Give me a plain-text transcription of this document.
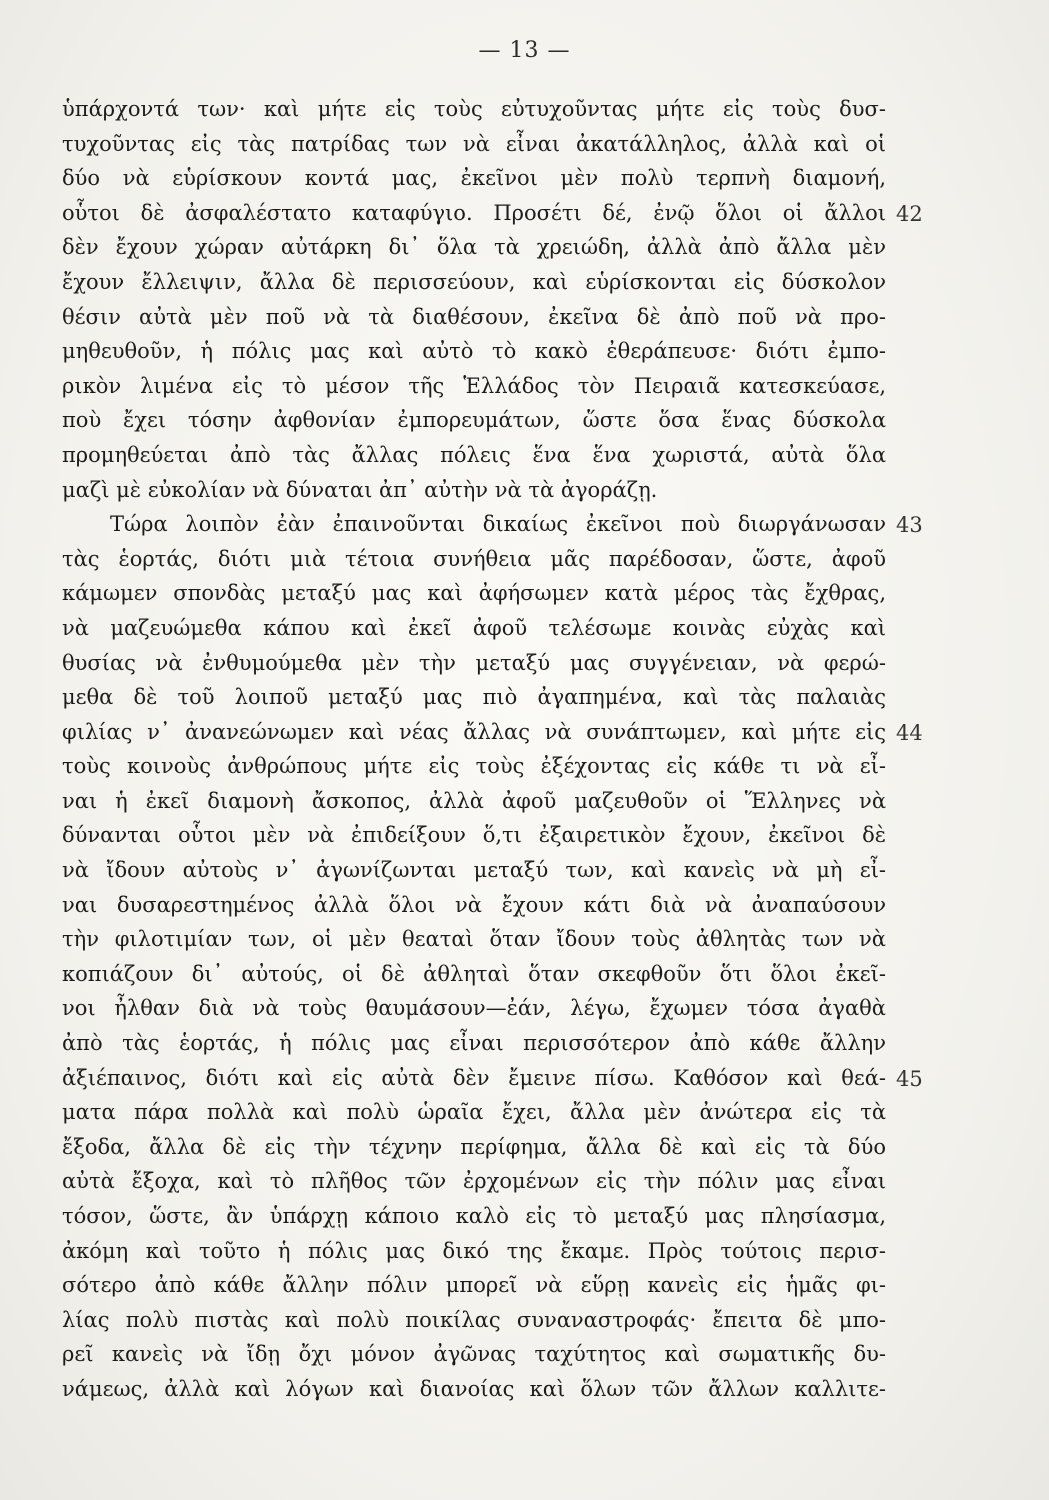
— 13 —
ὑπάρχοντά των· καὶ μήτε εἰς τοὺς εὐτυχοῦντας μήτε εἰς τοὺς δυσ-
τυχοῦντας εἰς τὰς πατρίδας των νὰ εἶναι ἀκατάλληλος, ἀλλὰ καὶ οἱ
δύο νὰ εὑρίσκουν κοντά μας, ἐκεῖνοι μὲν πολὺ τερπνὴ διαμονή,
οὗτοι δὲ ἀσφαλέστατο καταφύγιο. Προσέτι δέ, ἐνῷ ὅλοι οἱ ἄλλοι
δὲν ἔχουν χώραν αὐτάρκη δι᾽ ὅλα τὰ χρειώδη, ἀλλὰ ἀπὸ ἄλλα μὲν
ἔχουν ἔλλειψιν, ἄλλα δὲ περισσεύουν, καὶ εὑρίσκονται εἰς δύσκολον
θέσιν αὐτὰ μὲν ποῦ νὰ τὰ διαθέσουν, ἐκεῖνα δὲ ἀπὸ ποῦ νὰ προ-
μηθευθοῦν, ἡ πόλις μας καὶ αὐτὸ τὸ κακὸ ἐθεράπευσε· διότι ἐμπο-
ρικὸν λιμένα εἰς τὸ μέσον τῆς Ἑλλάδος τὸν Πειραιᾶ κατεσκεύασε,
ποὺ ἔχει τόσην ἀφθονίαν ἐμπορευμάτων, ὥστε ὅσα ἕνας δύσκολα
προμηθεύεται ἀπὸ τὰς ἄλλας πόλεις ἕνα ἕνα χωριστά, αὐτὰ ὅλα
μαζὶ μὲ εὐκολίαν νὰ δύναται ἀπ᾽ αὐτὴν νὰ τὰ ἀγοράζῃ.
Τώρα λοιπὸν ἐὰν ἐπαινοῦνται δικαίως ἐκεῖνοι ποὺ διωργάνωσαν
τὰς ἑορτάς, διότι μιὰ τέτοια συνήθεια μᾶς παρέδοσαν, ὥστε, ἀφοῦ
κάμωμεν σπονδὰς μεταξύ μας καὶ ἀφήσωμεν κατὰ μέρος τὰς ἔχθρας,
νὰ μαζευώμεθα κάπου καὶ ἐκεῖ ἀφοῦ τελέσωμε κοινὰς εὐχὰς καὶ
θυσίας νὰ ἐνθυμούμεθα μὲν τὴν μεταξύ μας συγγένειαν, νὰ φερώ-
μεθα δὲ τοῦ λοιποῦ μεταξύ μας πιὸ ἀγαπημένα, καὶ τὰς παλαιὰς
φιλίας ν᾽ ἀνανεώνωμεν καὶ νέας ἄλλας νὰ συνάπτωμεν, καὶ μήτε εἰς
τοὺς κοινοὺς ἀνθρώπους μήτε εἰς τοὺς ἐξέχοντας εἰς κάθε τι νὰ εἶ-
ναι ἡ ἐκεῖ διαμονὴ ἄσκοπος, ἀλλὰ ἀφοῦ μαζευθοῦν οἱ Ἕλληνες νὰ
δύνανται οὗτοι μὲν νὰ ἐπιδείξουν ὅ,τι ἐξαιρετικὸν ἔχουν, ἐκεῖνοι δὲ
νὰ ἴδουν αὐτοὺς ν᾽ ἀγωνίζωνται μεταξύ των, καὶ κανεὶς νὰ μὴ εἶ-
ναι δυσαρεστημένος ἀλλὰ ὅλοι νὰ ἔχουν κάτι διὰ νὰ ἀναπαύσουν
τὴν φιλοτιμίαν των, οἱ μὲν θεαταὶ ὅταν ἴδουν τοὺς ἀθλητὰς των νὰ
κοπιάζουν δι᾽ αὐτούς, οἱ δὲ ἀθληταὶ ὅταν σκεφθοῦν ὅτι ὅλοι ἐκεῖ-
νοι ἦλθαν διὰ νὰ τοὺς θαυμάσουν—ἐάν, λέγω, ἔχωμεν τόσα ἀγαθὰ
ἀπὸ τὰς ἑορτάς, ἡ πόλις μας εἶναι περισσότερον ἀπὸ κάθε ἄλλην
ἀξιέπαινος, διότι καὶ εἰς αὐτὰ δὲν ἔμεινε πίσω. Καθόσον καὶ θεά-
ματα πάρα πολλὰ καὶ πολὺ ὡραῖα ἔχει, ἄλλα μὲν ἀνώτερα εἰς τὰ
ἔξοδα, ἄλλα δὲ εἰς τὴν τέχνην περίφημα, ἄλλα δὲ καὶ εἰς τὰ δύο
αὐτὰ ἔξοχα, καὶ τὸ πλῆθος τῶν ἐρχομένων εἰς τὴν πόλιν μας εἶναι
τόσον, ὥστε, ἂν ὑπάρχῃ κάποιο καλὸ εἰς τὸ μεταξύ μας πλησίασμα,
ἀκόμη καὶ τοῦτο ἡ πόλις μας δικό της ἔκαμε. Πρὸς τούτοις περισ-
σότερο ἀπὸ κάθε ἄλλην πόλιν μπορεῖ νὰ εὕρῃ κανεὶς εἰς ἡμᾶς φι-
λίας πολὺ πιστὰς καὶ πολὺ ποικίλας συναναστροφάς· ἔπειτα δὲ μπο-
ρεῖ κανεὶς νὰ ἴδῃ ὄχι μόνον ἀγῶνας ταχύτητος καὶ σωματικῆς δυ-
νάμεως, ἀλλὰ καὶ λόγων καὶ διανοίας καὶ ὅλων τῶν ἄλλων καλλιτε-
42
43
44
45
